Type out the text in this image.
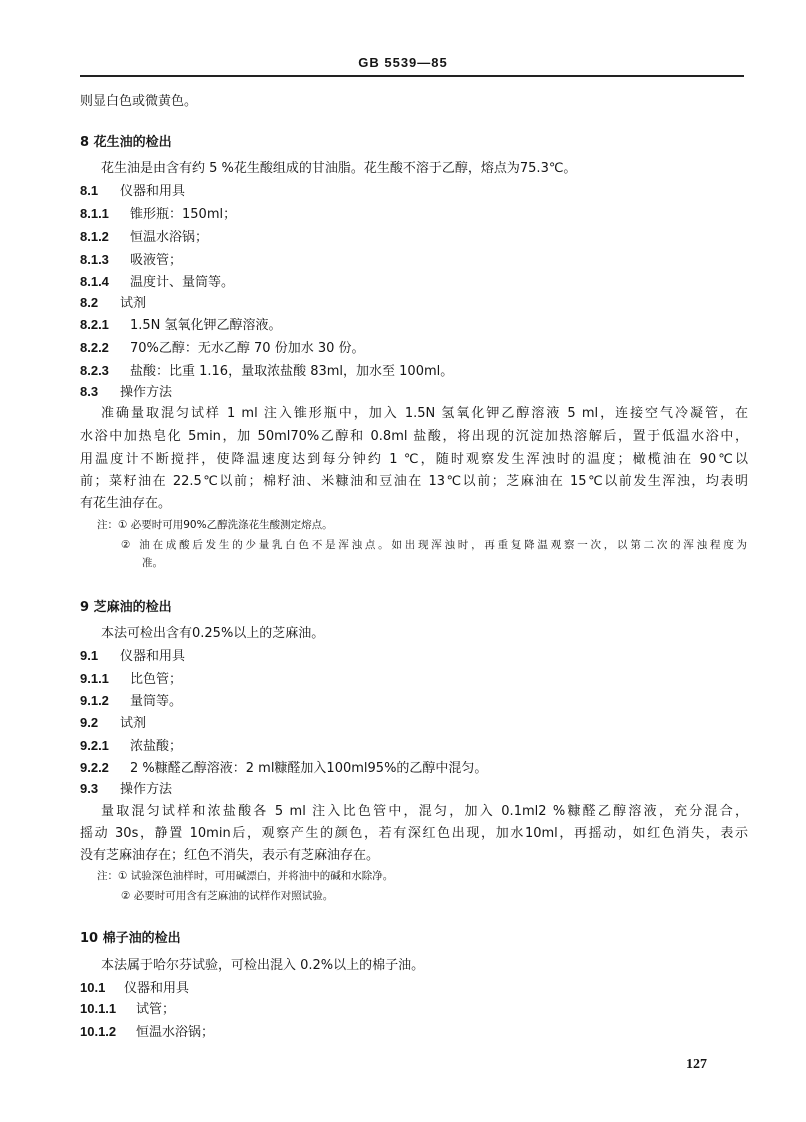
GB 5539—85
则显白色或微黄色。
8 花生油的检出
花生油是由含有约 5 %花生酸组成的甘油脂。花生酸不溶于乙醇，熔点为75.3℃。
8.1 仪器和用具
8.1.1 锥形瓶：150ml；
8.1.2 恒温水浴锅；
8.1.3 吸液管；
8.1.4 温度计、量筒等。
8.2 试剂
8.2.1 1.5N 氢氧化钾乙醇溶液。
8.2.2 70%乙醇：无水乙醇 70 份加水 30 份。
8.2.3 盐酸：比重 1.16，量取浓盐酸 83ml，加水至 100ml。
8.3 操作方法
准确量取混匀试样 1 ml 注入锥形瓶中，加入 1.5N 氢氧化钾乙醇溶液 5 ml，连接空气冷凝管，在
水浴中加热皂化 5min，加 50ml70%乙醇和 0.8ml 盐酸，将出现的沉淀加热溶解后，置于低温水浴中，
用温度计不断搅拌，使降温速度达到每分钟约 1 ℃，随时观察发生浑浊时的温度；橄榄油在 90℃以
前；菜籽油在 22.5℃以前；棉籽油、米糠油和豆油在 13℃以前；芝麻油在 15℃以前发生浑浊，均表明
有花生油存在。
注：① 必要时可用90%乙醇洗涤花生酸测定熔点。
② 油在成酸后发生的少量乳白色不是浑浊点。如出现浑浊时，再重复降温观察一次，以第二次的浑浊程度为
准。
9 芝麻油的检出
本法可检出含有0.25%以上的芝麻油。
9.1 仪器和用具
9.1.1 比色管；
9.1.2 量筒等。
9.2 试剂
9.2.1 浓盐酸；
9.2.2 2 %糠醛乙醇溶液：2 ml糠醛加入100ml95%的乙醇中混匀。
9.3 操作方法
量取混匀试样和浓盐酸各 5 ml 注入比色管中，混匀，加入 0.1ml2 %糠醛乙醇溶液，充分混合，
摇动 30s，静置 10min后，观察产生的颜色，若有深红色出现，加水10ml，再摇动，如红色消失，表示
没有芝麻油存在；红色不消失，表示有芝麻油存在。
注：① 试验深色油样时，可用碱漂白，并将油中的碱和水除净。
② 必要时可用含有芝麻油的试样作对照试验。
10 棉子油的检出
本法属于哈尔芬试验，可检出混入 0.2%以上的棉子油。
10.1 仪器和用具
10.1.1 试管；
10.1.2 恒温水浴锅；
127
